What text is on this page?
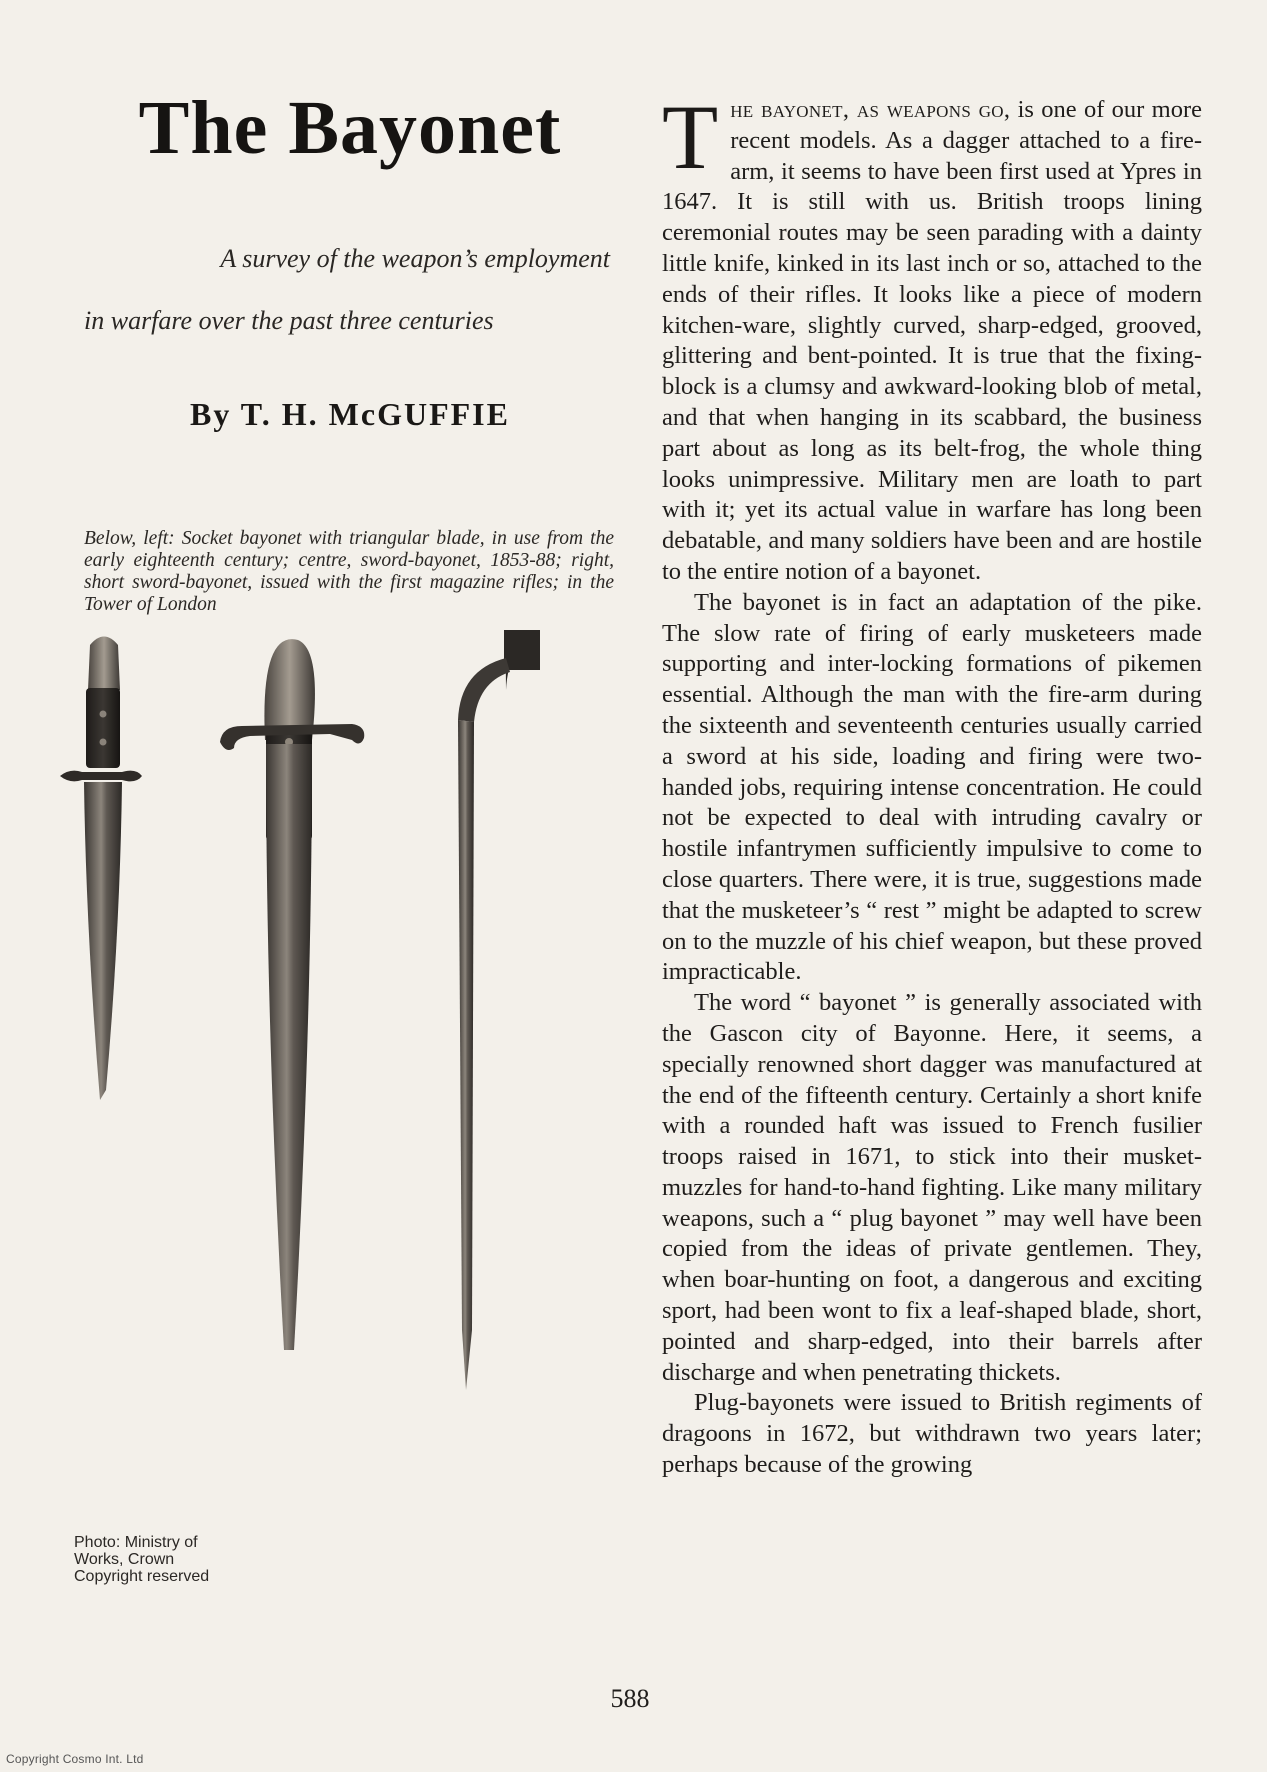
The Bayonet
A survey of the weapon’s employment
in warfare over the past three centuries
By T. H. McGUFFIE
Below, left: Socket bayonet with triangular blade, in use from the early eighteenth century; centre, sword-bayonet, 1853-88; right, short sword-bayonet, issued with the first magazine rifles; in the Tower of London
Photo: Ministry of
Works, Crown
Copyright reserved

The bayonet, as weapons go, is one of our more recent models. As a dagger attached to a fire-arm, it seems to have been first used at Ypres in 1647. It is still with us. British troops lining ceremonial routes may be seen parading with a dainty little knife, kinked in its last inch or so, attached to the ends of their rifles. It looks like a piece of modern kitchen-ware, slightly curved, sharp-edged, grooved, glittering and bent-pointed. It is true that the fixing-block is a clumsy and awkward-looking blob of metal, and that when hanging in its scabbard, the business part about as long as its belt-frog, the whole thing looks unimpressive. Military men are loath to part with it; yet its actual value in warfare has long been debatable, and many soldiers have been and are hostile to the entire notion of a bayonet.

The bayonet is in fact an adaptation of the pike. The slow rate of firing of early musketeers made supporting and inter-locking formations of pikemen essential. Although the man with the fire-arm during the sixteenth and seventeenth centuries usually carried a sword at his side, loading and firing were two-handed jobs, requiring intense concentration. He could not be expected to deal with intruding cavalry or hostile infantrymen sufficiently impulsive to come to close quarters. There were, it is true, suggestions made that the musketeer’s “ rest ” might be adapted to screw on to the muzzle of his chief weapon, but these proved impracticable.

The word “ bayonet ” is generally associated with the Gascon city of Bayonne. Here, it seems, a specially renowned short dagger was manufactured at the end of the fifteenth century. Certainly a short knife with a rounded haft was issued to French fusilier troops raised in 1671, to stick into their musket-muzzles for hand-to-hand fighting. Like many military weapons, such a “ plug bayonet ” may well have been copied from the ideas of private gentlemen. They, when boar-hunting on foot, a dangerous and exciting sport, had been wont to fix a leaf-shaped blade, short, pointed and sharp-edged, into their barrels after discharge and when penetrating thickets.

Plug-bayonets were issued to British regiments of dragoons in 1672, but withdrawn two years later; perhaps because of the growing

588
Copyright Cosmo Int. Ltd
